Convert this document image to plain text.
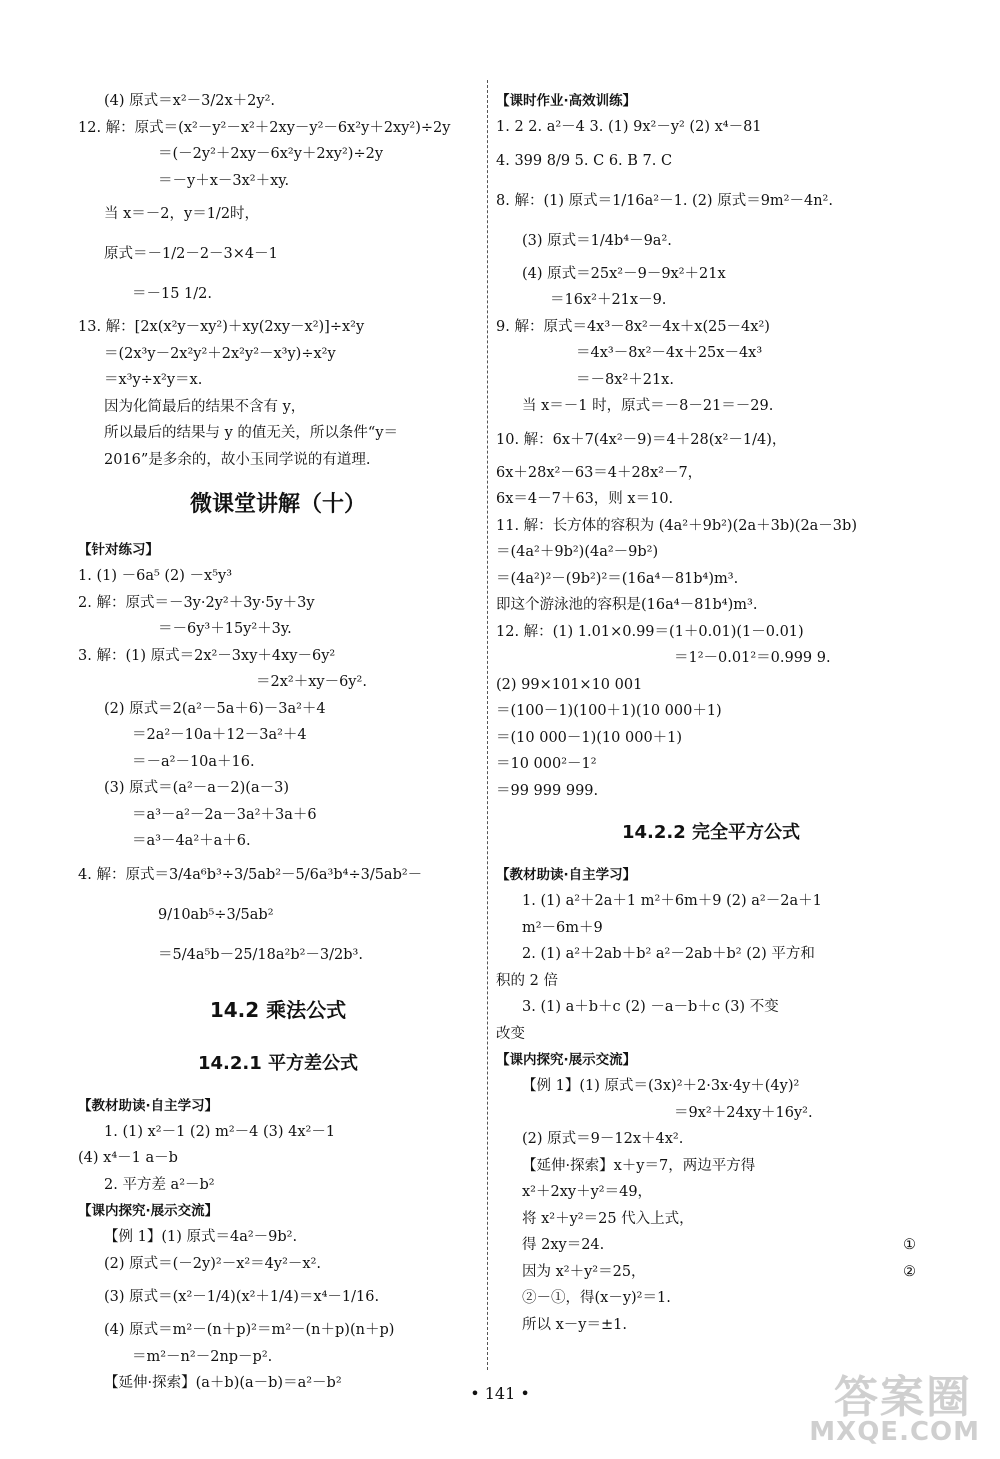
(4) 原式＝x²－3/2x＋2y².
12. 解：原式＝(x²－y²－x²＋2xy－y²－6x²y＋2xy²)÷2y
＝(－2y²＋2xy－6x²y＋2xy²)÷2y
＝－y＋x－3x²＋xy.
当 x＝－2，y＝1/2时，
原式＝－1/2－2－3×4－1
＝－15 1/2.
13. 解：[2x(x²y－xy²)＋xy(2xy－x²)]÷x²y
＝(2x³y－2x²y²＋2x²y²－x³y)÷x²y
＝x³y÷x²y＝x.
因为化简最后的结果不含有 y，
所以最后的结果与 y 的值无关，所以条件“y＝
2016”是多余的，故小玉同学说的有道理.
微课堂讲解（十）
【针对练习】
1. (1) －6a⁵ (2) －x⁵y³
2. 解：原式＝－3y·2y²＋3y·5y＋3y
＝－6y³＋15y²＋3y.
3. 解：(1) 原式＝2x²－3xy＋4xy－6y²
＝2x²＋xy－6y².
(2) 原式＝2(a²－5a＋6)－3a²＋4
＝2a²－10a＋12－3a²＋4
＝－a²－10a＋16.
(3) 原式＝(a²－a－2)(a－3)
＝a³－a²－2a－3a²＋3a＋6
＝a³－4a²＋a＋6.
4. 解：原式＝3/4a⁶b³÷3/5ab²－5/6a³b⁴÷3/5ab²－
9/10ab⁵÷3/5ab²
＝5/4a⁵b－25/18a²b²－3/2b³.
14.2 乘法公式
14.2.1 平方差公式
【教材助读·自主学习】
1. (1) x²－1 (2) m²－4 (3) 4x²－1
(4) x⁴－1 a－b
2. 平方差 a²－b²
【课内探究·展示交流】
【例 1】(1) 原式＝4a²－9b².
(2) 原式＝(－2y)²－x²＝4y²－x².
(3) 原式＝(x²－1/4)(x²＋1/4)＝x⁴－1/16.
(4) 原式＝m²－(n＋p)²＝m²－(n＋p)(n＋p)
＝m²－n²－2np－p².
【延伸·探索】(a＋b)(a－b)＝a²－b²
【课时作业·高效训练】
1. 2 2. a²－4 3. (1) 9x²－y² (2) x⁴－81
4. 399 8/9 5. C 6. B 7. C
8. 解：(1) 原式＝1/16a²－1. (2) 原式＝9m²－4n².
(3) 原式＝1/4b⁴－9a².
(4) 原式＝25x²－9－9x²＋21x
＝16x²＋21x－9.
9. 解：原式＝4x³－8x²－4x＋x(25－4x²)
＝4x³－8x²－4x＋25x－4x³
＝－8x²＋21x.
当 x＝－1 时，原式＝－8－21＝－29.
10. 解：6x＋7(4x²－9)＝4＋28(x²－1/4)，
6x＋28x²－63＝4＋28x²－7，
6x＝4－7＋63，则 x＝10.
11. 解：长方体的容积为 (4a²＋9b²)(2a＋3b)(2a－3b)
＝(4a²＋9b²)(4a²－9b²)
＝(4a²)²－(9b²)²＝(16a⁴－81b⁴)m³.
即这个游泳池的容积是(16a⁴－81b⁴)m³.
12. 解：(1) 1.01×0.99＝(1＋0.01)(1－0.01)
＝1²－0.01²＝0.999 9.
(2) 99×101×10 001
＝(100－1)(100＋1)(10 000＋1)
＝(10 000－1)(10 000＋1)
＝10 000²－1²
＝99 999 999.
14.2.2 完全平方公式
【教材助读·自主学习】
1. (1) a²＋2a＋1 m²＋6m＋9 (2) a²－2a＋1
m²－6m＋9
2. (1) a²＋2ab＋b² a²－2ab＋b² (2) 平方和
积的 2 倍
3. (1) a＋b＋c (2) －a－b＋c (3) 不变
改变
【课内探究·展示交流】
【例 1】(1) 原式＝(3x)²＋2·3x·4y＋(4y)²
＝9x²＋24xy＋16y².
(2) 原式＝9－12x＋4x².
【延伸·探索】x＋y＝7，两边平方得
x²＋2xy＋y²＝49，
将 x²＋y²＝25 代入上式，
①
得 2xy＝24.
②
因为 x²＋y²＝25，
②－①，得(x－y)²＝1.
所以 x－y＝±1.
• 141 •	答案圈
MXQE.COM
